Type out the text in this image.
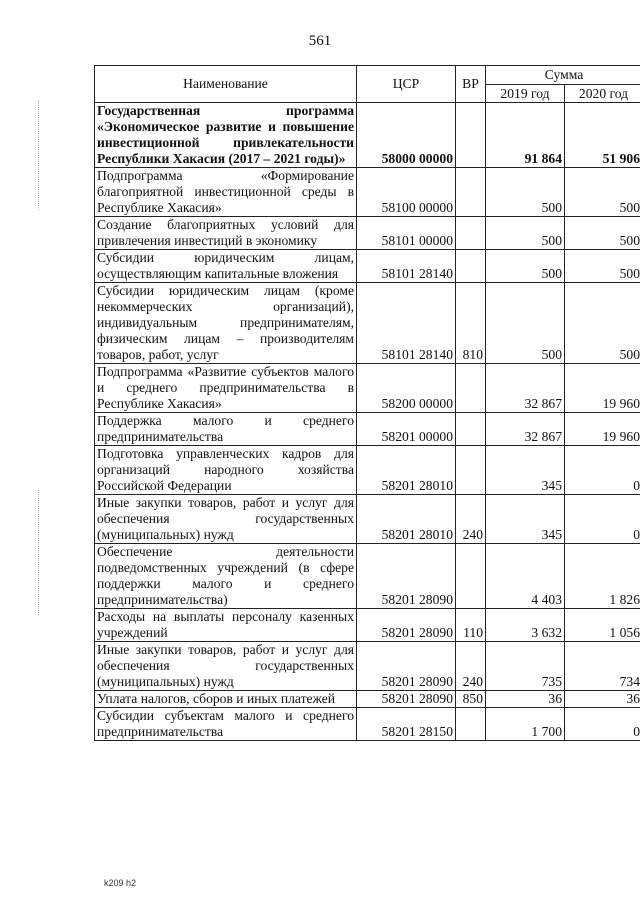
561
Наименование	ЦСР	ВР	Сумма	
			2019 год	2020 год
Государственная программа «Экономическое развитие и повышение инвестиционной привлекательности Республики Хакасия (2017 – 2021 годы)»	58000 00000		91 864	51 906
Подпрограмма «Формирование благоприятной инвестиционной среды в Республике Хакасия»	58100 00000		500	500
Создание благоприятных условий для привлечения инвестиций в экономику	58101 00000		500	500
Субсидии юридическим лицам, осуществляющим капитальные вложения	58101 28140		500	500
Субсидии юридическим лицам (кроме некоммерческих организаций), индивидуальным предпринимателям, физическим лицам – производителям товаров, работ, услуг	58101 28140	810	500	500
Подпрограмма «Развитие субъектов малого и среднего предпринимательства в Республике Хакасия»	58200 00000		32 867	19 960
Поддержка малого и среднего предпринимательства	58201 00000		32 867	19 960
Подготовка управленческих кадров для организаций народного хозяйства Российской Федерации	58201 28010		345	0
Иные закупки товаров, работ и услуг для обеспечения государственных (муниципальных) нужд	58201 28010	240	345	0
Обеспечение деятельности подведомственных учреждений (в сфере поддержки малого и среднего предпринимательства)	58201 28090		4 403	1 826
Расходы на выплаты персоналу казенных учреждений	58201 28090	110	3 632	1 056
Иные закупки товаров, работ и услуг для обеспечения государственных (муниципальных) нужд	58201 28090	240	735	734
Уплата налогов, сборов и иных платежей	58201 28090	850	36	36
Субсидии субъектам малого и среднего предпринимательства	58201 28150		1 700	0
k209 h2
